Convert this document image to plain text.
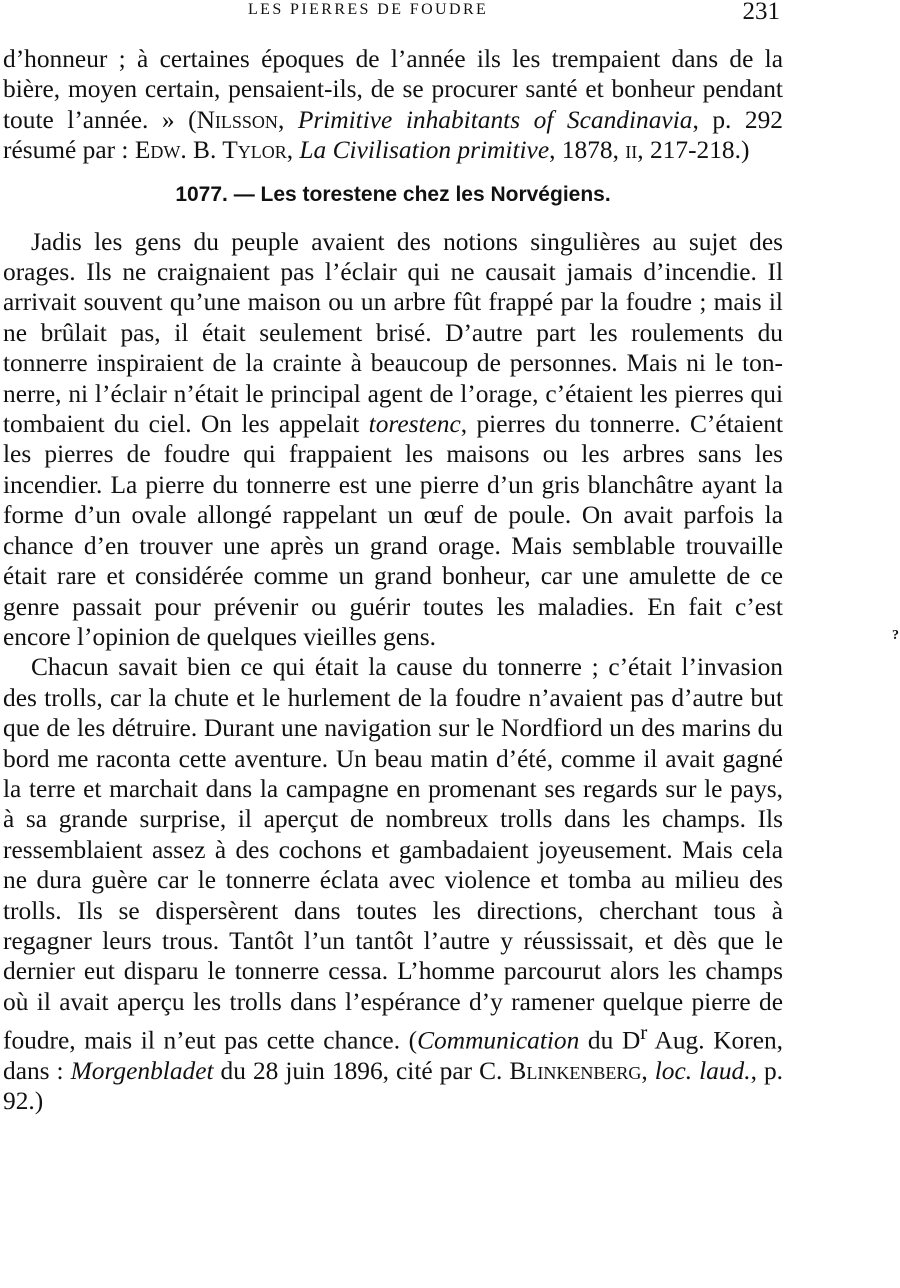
LES PIERRES DE FOUDRE	231

d’honneur ; à certaines époques de l’année ils les trempaient dans de la bière, moyen certain, pensaient-ils, de se procurer santé et bonheur pendant toute l’année. » (Nilsson, Primitive inhabitants of Scandinavia, p. 292 résumé par : Edw. B. Tylor, La Civilisation primitive, 1878, ii, 217-218.)

1077. — Les torestene chez les Norvégiens.

Jadis les gens du peuple avaient des notions singulières au sujet des orages. Ils ne craignaient pas l’éclair qui ne causait jamais d’incendie. Il arrivait souvent qu’une maison ou un arbre fût frappé par la foudre ; mais il ne brûlait pas, il était seulement brisé. D’autre part les roulements du tonnerre inspiraient de la crainte à beaucoup de personnes. Mais ni le tonnerre, ni l’éclair n’était le principal agent de l’orage, c’étaient les pierres qui tombaient du ciel. On les appelait torestenc, pierres du tonnerre. C’étaient les pierres de foudre qui frappaient les maisons ou les arbres sans les incendier. La pierre du tonnerre est une pierre d’un gris blanchâtre ayant la forme d’un ovale allongé rappelant un œuf de poule. On avait parfois la chance d’en trouver une après un grand orage. Mais semblable trouvaille était rare et considérée comme un grand bonheur, car une amulette de ce genre passait pour prévenir ou guérir toutes les maladies. En fait c’est encore l’opinion de quelques vieilles gens.

Chacun savait bien ce qui était la cause du tonnerre ; c’était l’invasion des trolls, car la chute et le hurlement de la foudre n’avaient pas d’autre but que de les détruire. Durant une navigation sur le Nordfiord un des marins du bord me raconta cette aventure. Un beau matin d’été, comme il avait gagné la terre et marchait dans la campagne en promenant ses regards sur le pays, à sa grande surprise, il aperçut de nombreux trolls dans les champs. Ils ressemblaient assez à des cochons et gambadaient joyeusement. Mais cela ne dura guère car le tonnerre éclata avec violence et tomba au milieu des trolls. Ils se dispersèrent dans toutes les directions, cherchant tous à regagner leurs trous. Tantôt l’un tantôt l’autre y réussissait, et dès que le dernier eut disparu le tonnerre cessa. L’homme parcourut alors les champs où il avait aperçu les trolls dans l’espérance d’y ramener quelque pierre de foudre, mais il n’eut pas cette chance. (Communication du $D^r$ Aug. Koren, dans : Morgenbladet du 28 juin 1896, cité par C. Blinkenberg, loc. laud., p. 92.)

?
